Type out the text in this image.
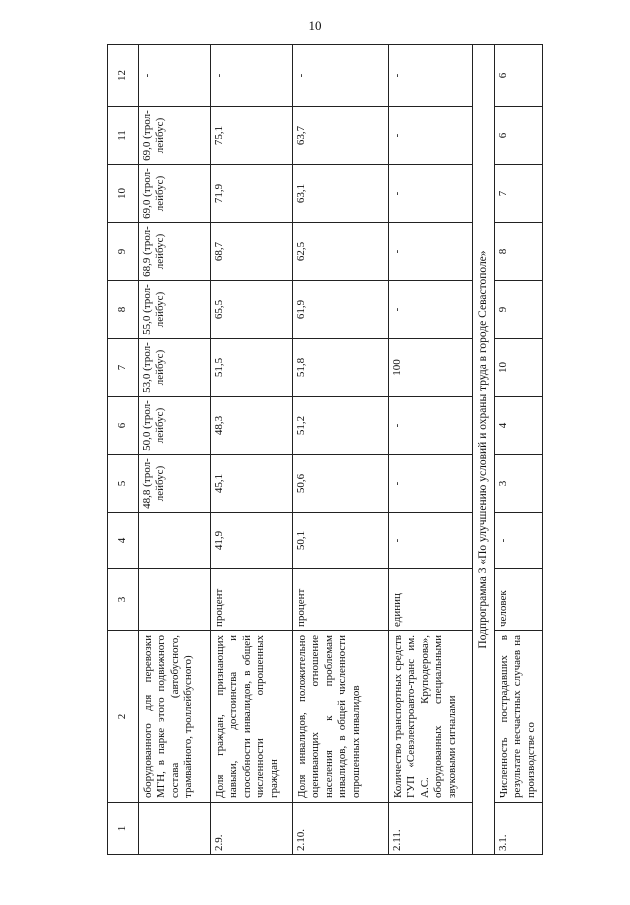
10
1	2	3	4	5	6	7	8	9	10	11	12
	оборудованного для перевозки МГН, в парке этого подвижного состава (автобусного, трамвайного, троллейбусного)			48,8 (трол-лейбус)	50,0 (трол-лейбус)	53,0 (трол-лейбус)	55,0 (трол-лейбус)	68,9 (трол-лейбус)	69,0 (трол-лейбус)	69,0 (трол-лейбус)	-
2.9.	Доля граждан, признающих навыки, достоинства и способности инвалидов, в общей численности опрошенных граждан	процент	41,9	45,1	48,3	51,5	65,5	68,7	71,9	75,1	-
2.10.	Доля инвалидов, положительно оценивающих отношение населения к проблемам инвалидов, в общей численности опрошенных инвалидов	процент	50,1	50,6	51,2	51,8	61,9	62,5	63,1	63,7	-
2.11.	Количество транспортных средств ГУП «Севэлектроавто-транс им. А.С. Круподерова», оборудованных специальными звуковыми сигналами	единиц	-	-	-	100	-	-	-	-	-
Подпрограмма 3 «По улучшению условий и охраны труда в городе Севастополе»											
3.1.	Численность пострадавших в результате несчастных случаев на производстве со	человек	-	3	4	10	9	8	7	6	6
